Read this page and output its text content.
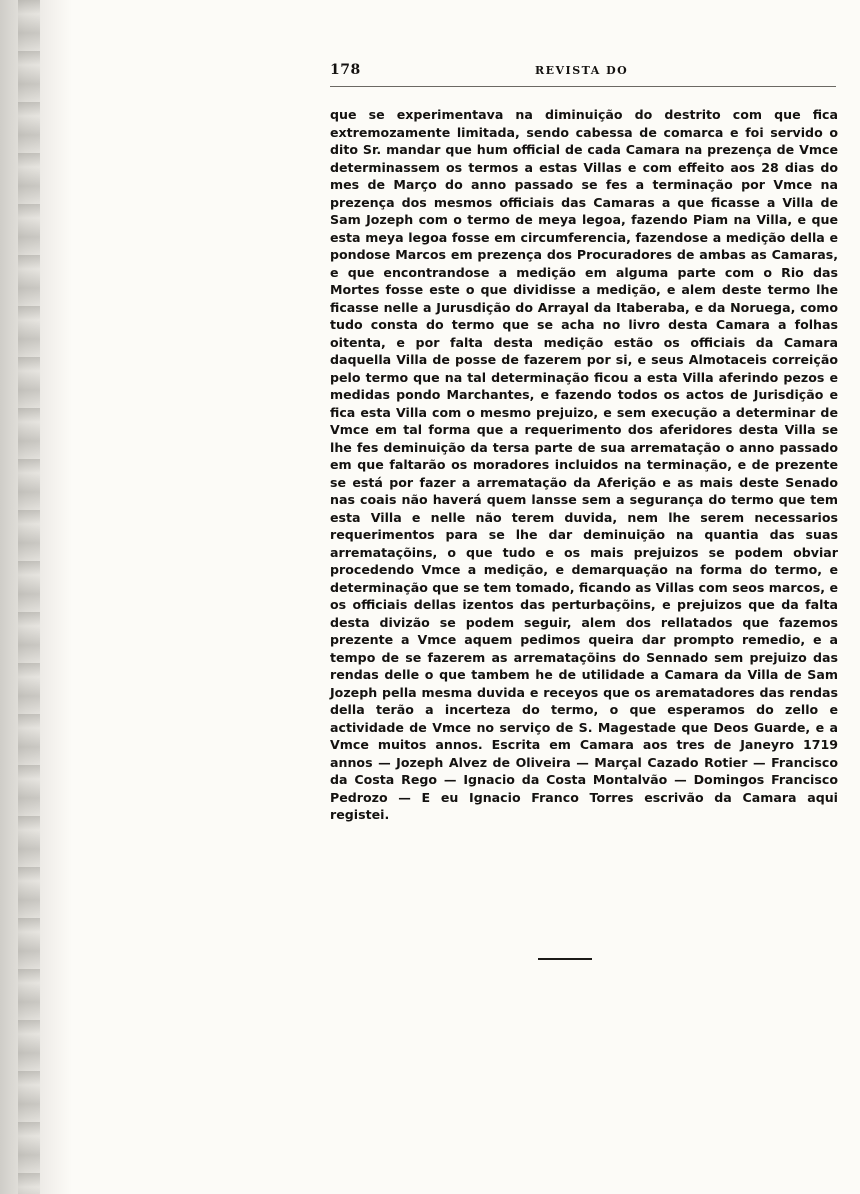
178	REVISTA DO

que se experimentava na diminuição do destrito com que fica extremozamente limitada, sendo cabessa de comarca e foi servido o dito Sr. mandar que hum official de cada Camara na prezença de Vmce determinassem os termos a estas Villas e com effeito aos 28 dias do mes de Março do anno passado se fes a terminação por Vmce na prezença dos mesmos officiais das Camaras a que ficasse a Villa de Sam Jozeph com o termo de meya legoa, fazendo Piam na Villa, e que esta meya legoa fosse em circumferencia, fazendose a medição della e pondose Marcos em prezença dos Procuradores de ambas as Camaras, e que encontrandose a medição em alguma parte com o Rio das Mortes fosse este o que dividisse a medição, e alem deste termo lhe ficasse nelle a Jurusdição do Arrayal da Itaberaba, e da Noruega, como tudo consta do termo que se acha no livro desta Camara a folhas oitenta, e por falta desta medição estão os officiais da Camara daquella Villa de posse de fazerem por si, e seus Almotaceis correição pelo termo que na tal determinação ficou a esta Villa aferindo pezos e medidas pondo Marchantes, e fazendo todos os actos de Jurisdição e fica esta Villa com o mesmo prejuizo, e sem execução a determinar de Vmce em tal forma que a requerimento dos aferidores desta Villa se lhe fes deminuição da tersa parte de sua arrematação o anno passado em que faltarão os moradores incluidos na terminação, e de prezente se está por fazer a arrematação da Aferição e as mais deste Senado nas coais não haverá quem lansse sem a segurança do termo que tem esta Villa e nelle não terem duvida, nem lhe serem necessarios requerimentos para se lhe dar deminuição na quantia das suas arremataçõins, o que tudo e os mais prejuizos se podem obviar procedendo Vmce a medição, e demarquação na forma do termo, e determinação que se tem tomado, ficando as Villas com seos marcos, e os officiais dellas izentos das perturbaçõins, e prejuizos que da falta desta divizão se podem seguir, alem dos rellatados que fazemos prezente a Vmce aquem pedimos queira dar prompto remedio, e a tempo de se fazerem as arremataçõins do Sennado sem prejuizo das rendas delle o que tambem he de utilidade a Camara da Villa de Sam Jozeph pella mesma duvida e receyos que os arematadores das rendas della terão a incerteza do termo, o que esperamos do zello e actividade de Vmce no serviço de S. Magestade que Deos Guarde, e a Vmce muitos annos. Escrita em Camara aos tres de Janeyro 1719 annos — Jozeph Alvez de Oliveira — Marçal Cazado Rotier — Francisco da Costa Rego — Ignacio da Costa Montalvão — Domingos Francisco Pedrozo — E eu Ignacio Franco Torres escrivão da Camara aqui registei.
